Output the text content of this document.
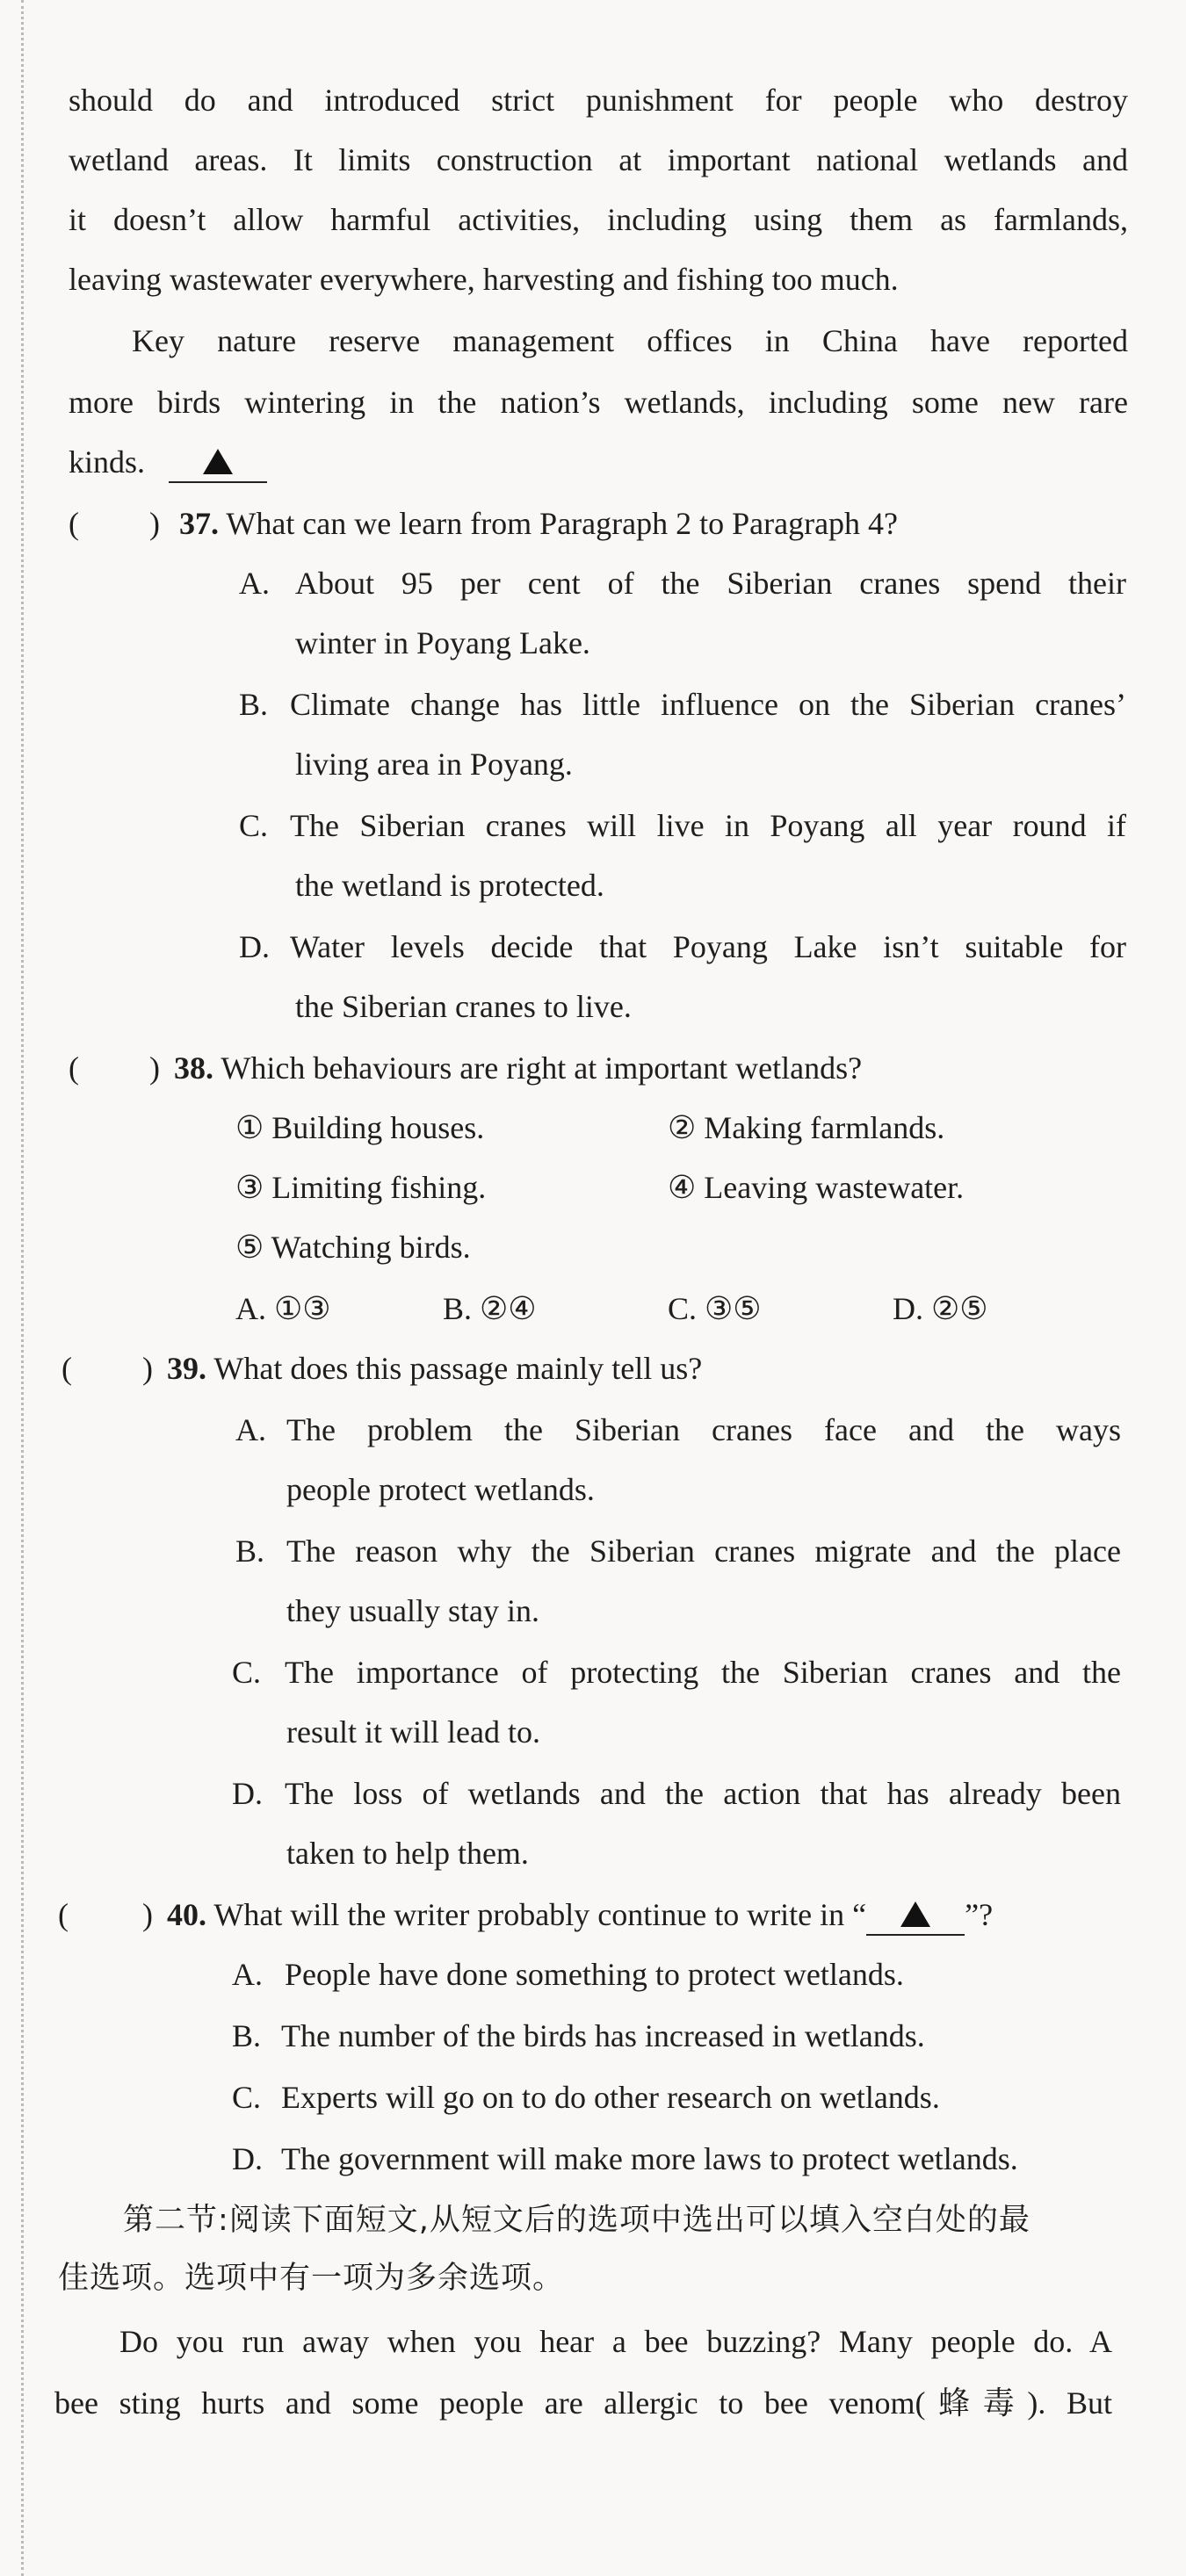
should do and introduced strict punishment for people who destroy
wetland areas. It limits construction at important national wetlands and
it doesn’t allow harmful activities, including using them as farmlands,
leaving wastewater everywhere, harvesting and fishing too much.
Key nature reserve management offices in China have reported
more birds wintering in the nation’s wetlands, including some new rare
kinds.
( ) 37. What can we learn from Paragraph 2 to Paragraph 4?
A. About 95 per cent of the Siberian cranes spend their
winter in Poyang Lake.
B. Climate change has little influence on the Siberian cranes’
living area in Poyang.
C. The Siberian cranes will live in Poyang all year round if
the wetland is protected.
D. Water levels decide that Poyang Lake isn’t suitable for
the Siberian cranes to live.
( ) 38. Which behaviours are right at important wetlands?
① Building houses.	② Making farmlands.
③ Limiting fishing.	④ Leaving wastewater.
⑤ Watching birds.
A. ①③	B. ②④	C. ③⑤	D. ②⑤
( ) 39. What does this passage mainly tell us?
A. The problem the Siberian cranes face and the ways
people protect wetlands.
B. The reason why the Siberian cranes migrate and the place
they usually stay in.
C. The importance of protecting the Siberian cranes and the
result it will lead to.
D. The loss of wetlands and the action that has already been
taken to help them.
( ) 40. What will the writer probably continue to write in “	”?
A. People have done something to protect wetlands.
B. The number of the birds has increased in wetlands.
C. Experts will go on to do other research on wetlands.
D. The government will make more laws to protect wetlands.
第二节:阅读下面短文,从短文后的选项中选出可以填入空白处的最
佳选项。选项中有一项为多余选项。
Do you run away when you hear a bee buzzing? Many people do. A
bee sting hurts and some people are allergic to bee venom(蜂毒). But
